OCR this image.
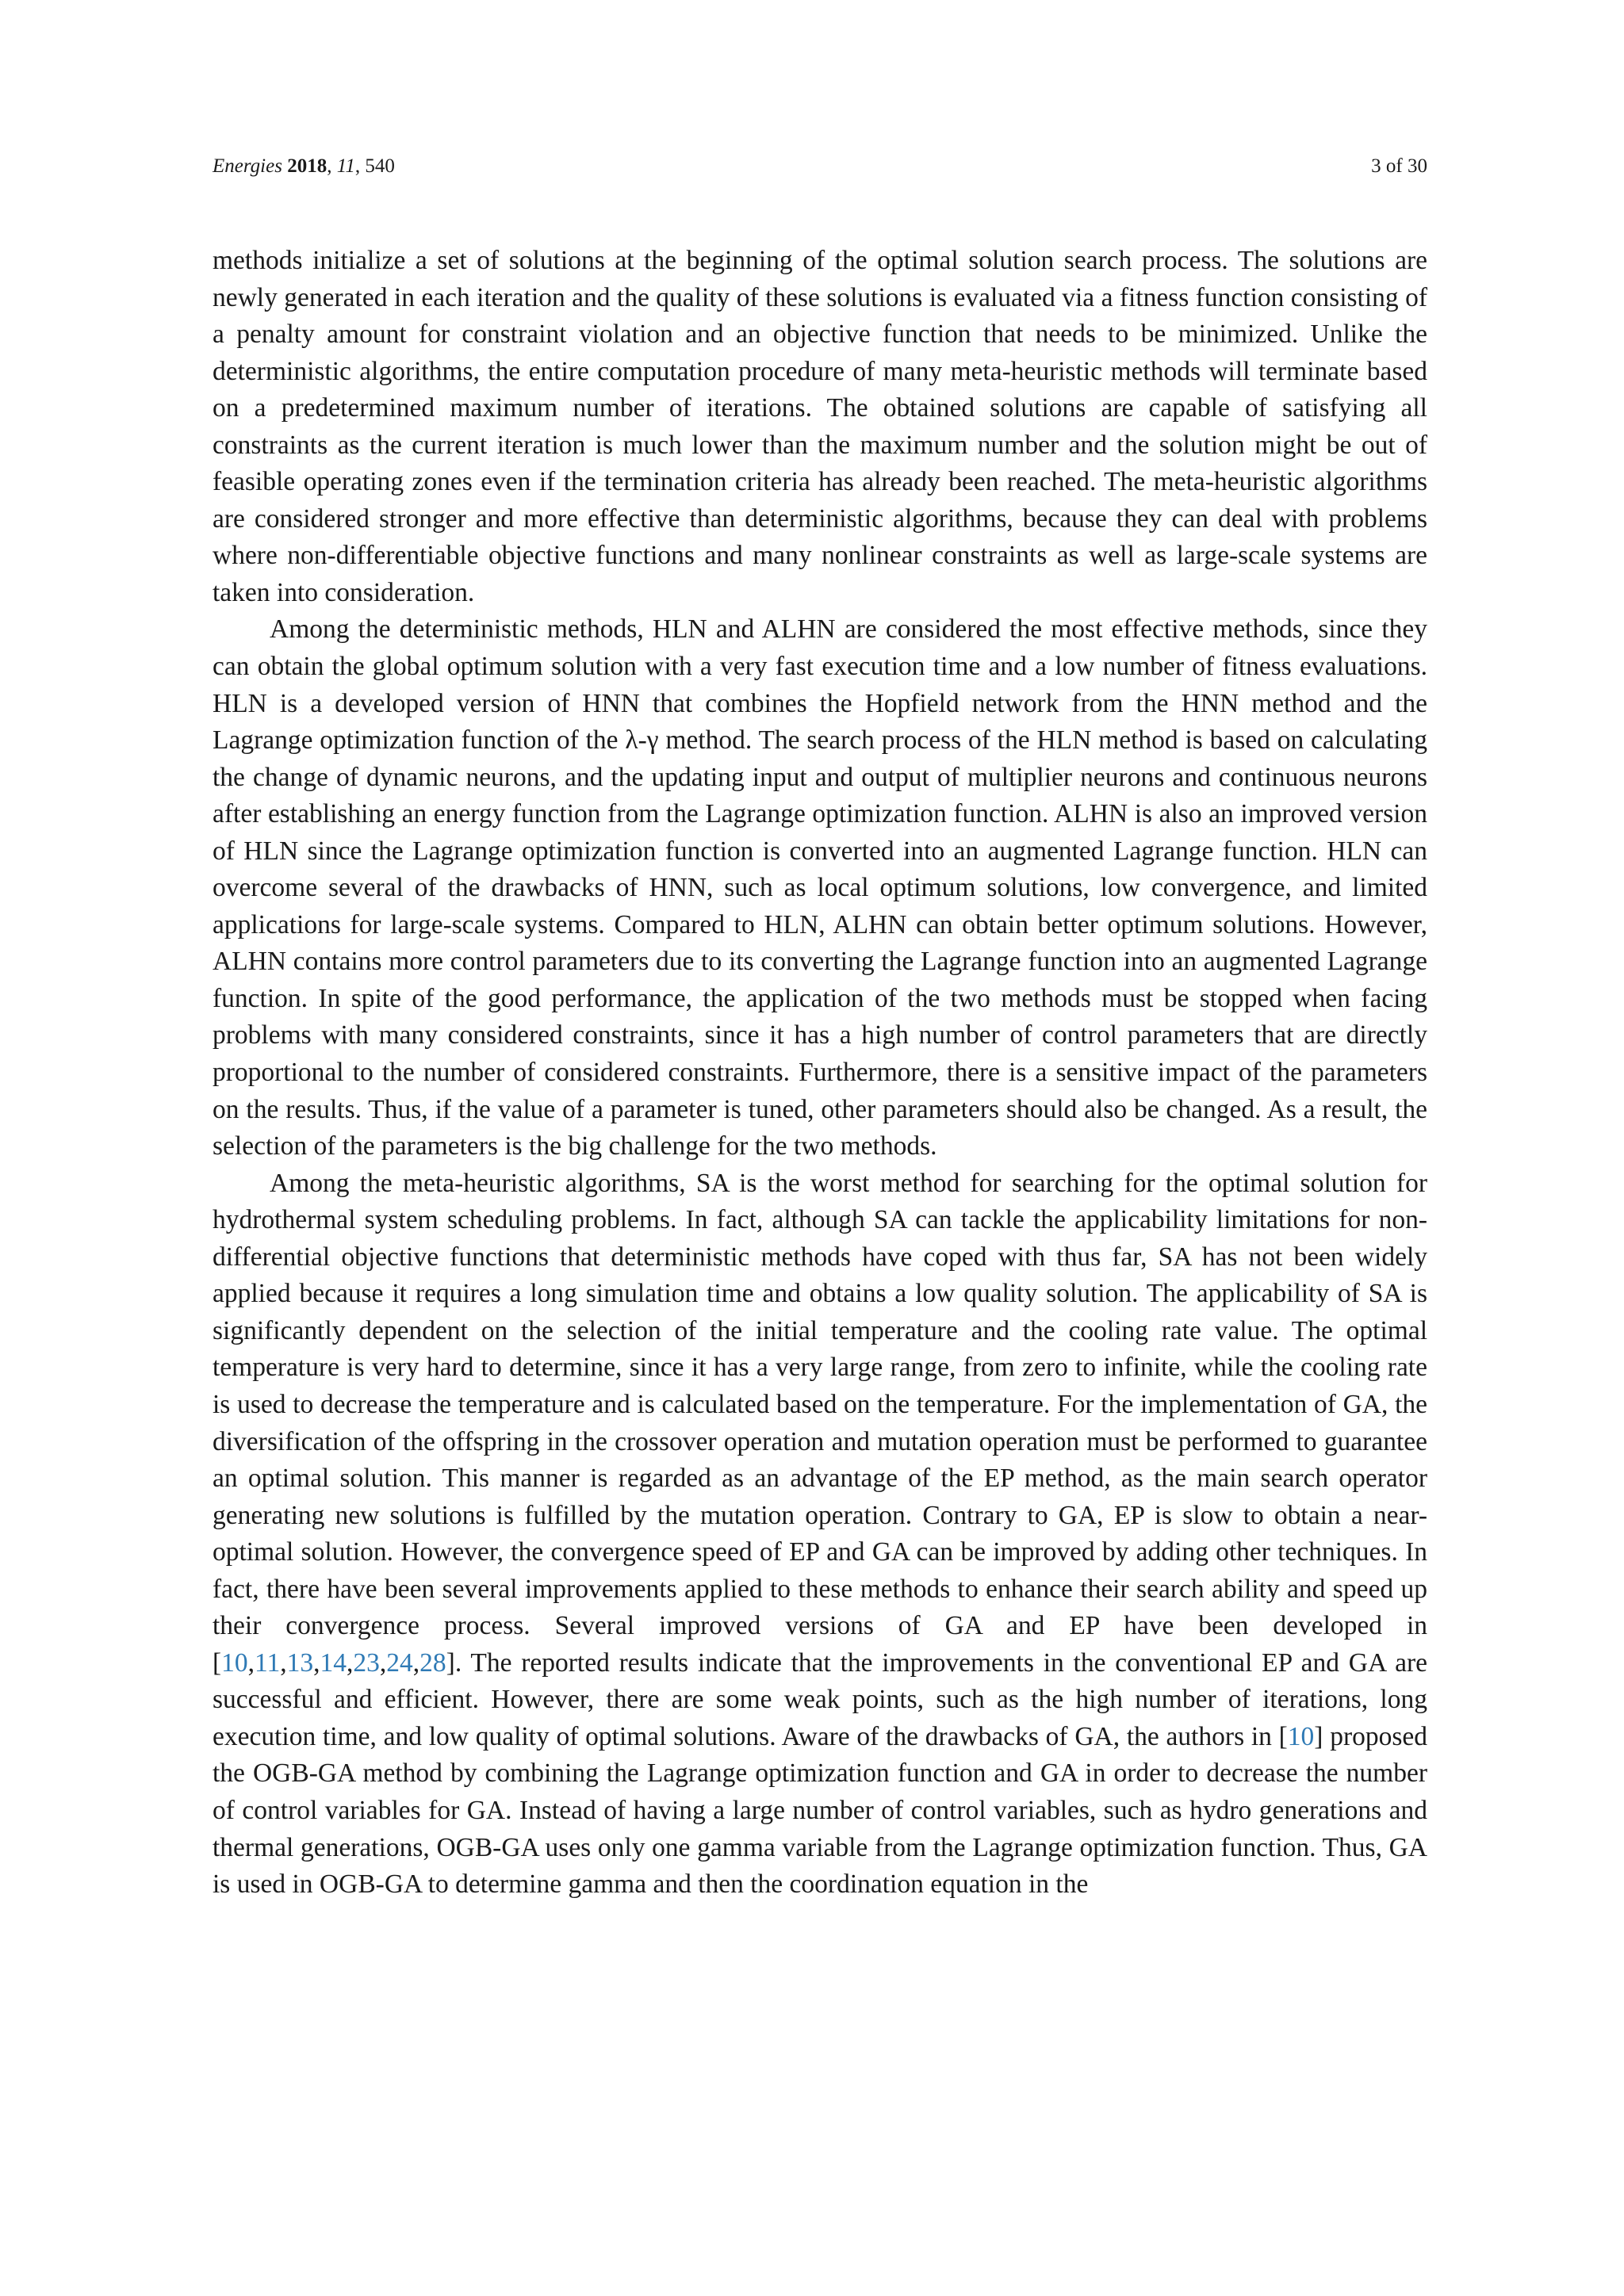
Energies 2018, 11, 540	3 of 30

methods initialize a set of solutions at the beginning of the optimal solution search process. The solutions are newly generated in each iteration and the quality of these solutions is evaluated via a fitness function consisting of a penalty amount for constraint violation and an objective function that needs to be minimized. Unlike the deterministic algorithms, the entire computation procedure of many meta-heuristic methods will terminate based on a predetermined maximum number of iterations. The obtained solutions are capable of satisfying all constraints as the current iteration is much lower than the maximum number and the solution might be out of feasible operating zones even if the termination criteria has already been reached. The meta-heuristic algorithms are considered stronger and more effective than deterministic algorithms, because they can deal with problems where non-differentiable objective functions and many nonlinear constraints as well as large-scale systems are taken into consideration.

Among the deterministic methods, HLN and ALHN are considered the most effective methods, since they can obtain the global optimum solution with a very fast execution time and a low number of fitness evaluations. HLN is a developed version of HNN that combines the Hopfield network from the HNN method and the Lagrange optimization function of the λ-γ method. The search process of the HLN method is based on calculating the change of dynamic neurons, and the updating input and output of multiplier neurons and continuous neurons after establishing an energy function from the Lagrange optimization function. ALHN is also an improved version of HLN since the Lagrange optimization function is converted into an augmented Lagrange function. HLN can overcome several of the drawbacks of HNN, such as local optimum solutions, low convergence, and limited applications for large-scale systems. Compared to HLN, ALHN can obtain better optimum solutions. However, ALHN contains more control parameters due to its converting the Lagrange function into an augmented Lagrange function. In spite of the good performance, the application of the two methods must be stopped when facing problems with many considered constraints, since it has a high number of control parameters that are directly proportional to the number of considered constraints. Furthermore, there is a sensitive impact of the parameters on the results. Thus, if the value of a parameter is tuned, other parameters should also be changed. As a result, the selection of the parameters is the big challenge for the two methods.

Among the meta-heuristic algorithms, SA is the worst method for searching for the optimal solution for hydrothermal system scheduling problems. In fact, although SA can tackle the applicability limitations for non-differential objective functions that deterministic methods have coped with thus far, SA has not been widely applied because it requires a long simulation time and obtains a low quality solution. The applicability of SA is significantly dependent on the selection of the initial temperature and the cooling rate value. The optimal temperature is very hard to determine, since it has a very large range, from zero to infinite, while the cooling rate is used to decrease the temperature and is calculated based on the temperature. For the implementation of GA, the diversification of the offspring in the crossover operation and mutation operation must be performed to guarantee an optimal solution. This manner is regarded as an advantage of the EP method, as the main search operator generating new solutions is fulfilled by the mutation operation. Contrary to GA, EP is slow to obtain a near-optimal solution. However, the convergence speed of EP and GA can be improved by adding other techniques. In fact, there have been several improvements applied to these methods to enhance their search ability and speed up their convergence process. Several improved versions of GA and EP have been developed in [10,11,13,14,23,24,28]. The reported results indicate that the improvements in the conventional EP and GA are successful and efficient. However, there are some weak points, such as the high number of iterations, long execution time, and low quality of optimal solutions. Aware of the drawbacks of GA, the authors in [10] proposed the OGB-GA method by combining the Lagrange optimization function and GA in order to decrease the number of control variables for GA. Instead of having a large number of control variables, such as hydro generations and thermal generations, OGB-GA uses only one gamma variable from the Lagrange optimization function. Thus, GA is used in OGB-GA to determine gamma and then the coordination equation in the
